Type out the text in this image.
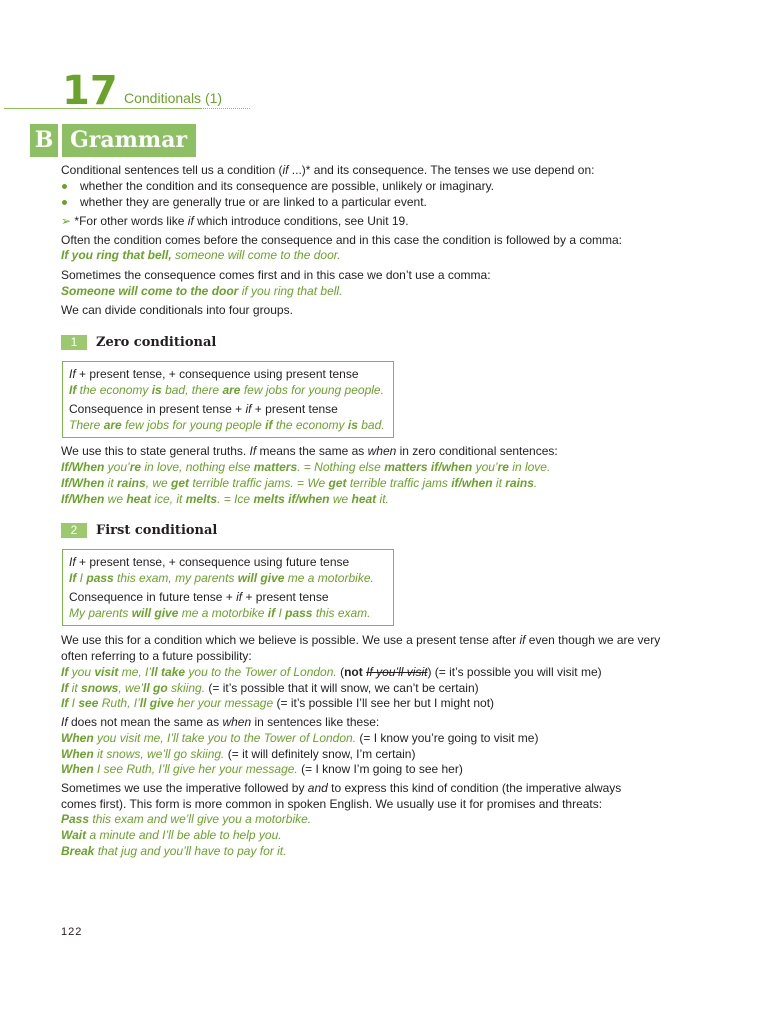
17 Conditionals (1)
B Grammar
Conditional sentences tell us a condition (if ...)* and its consequence. The tenses we use depend on:
whether the condition and its consequence are possible, unlikely or imaginary.
whether they are generally true or are linked to a particular event.
➢ *For other words like if which introduce conditions, see Unit 19.
Often the condition comes before the consequence and in this case the condition is followed by a comma:
If you ring that bell, someone will come to the door.
Sometimes the consequence comes first and in this case we don’t use a comma:
Someone will come to the door if you ring that bell.
We can divide conditionals into four groups.
1	Zero conditional
If + present tense, + consequence using present tense
If the economy is bad, there are few jobs for young people.
Consequence in present tense + if + present tense
There are few jobs for young people if the economy is bad.
We use this to state general truths. If means the same as when in zero conditional sentences:
If/When you’re in love, nothing else matters. = Nothing else matters if/when you’re in love.
If/When it rains, we get terrible traffic jams. = We get terrible traffic jams if/when it rains.
If/When we heat ice, it melts. = Ice melts if/when we heat it.
2	First conditional
If + present tense, + consequence using future tense
If I pass this exam, my parents will give me a motorbike.
Consequence in future tense + if + present tense
My parents will give me a motorbike if I pass this exam.
We use this for a condition which we believe is possible. We use a present tense after if even though we are very
often referring to a future possibility:
If you visit me, I’ll take you to the Tower of London. (not If you’ll visit) (= it’s possible you will visit me)
If it snows, we’ll go skiing. (= it’s possible that it will snow, we can’t be certain)
If I see Ruth, I’ll give her your message (= it’s possible I’ll see her but I might not)
If does not mean the same as when in sentences like these:
When you visit me, I’ll take you to the Tower of London. (= I know you’re going to visit me)
When it snows, we’ll go skiing. (= it will definitely snow, I’m certain)
When I see Ruth, I’ll give her your message. (= I know I’m going to see her)
Sometimes we use the imperative followed by and to express this kind of condition (the imperative always
comes first). This form is more common in spoken English. We usually use it for promises and threats:
Pass this exam and we’ll give you a motorbike.
Wait a minute and I’ll be able to help you.
Break that jug and you’ll have to pay for it.
122
